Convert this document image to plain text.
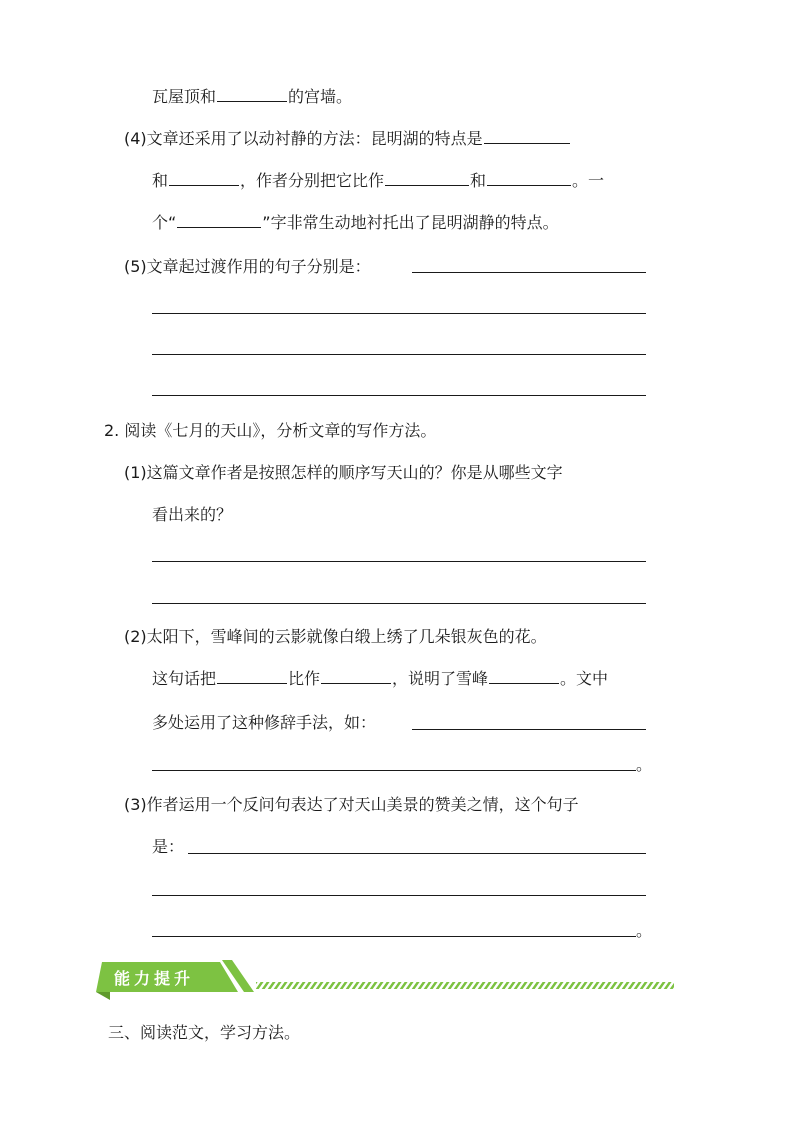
瓦屋顶和	的宫墙。
(4)文章还采用了以动衬静的方法：昆明湖的特点是
和	，作者分别把它比作	和	。一
个“	”字非常生动地衬托出了昆明湖静的特点。
(5)文章起过渡作用的句子分别是：
2. 阅读《七月的天山》，分析文章的写作方法。
(1)这篇文章作者是按照怎样的顺序写天山的？你是从哪些文字
看出来的？
(2)太阳下，雪峰间的云影就像白缎上绣了几朵银灰色的花。
这句话把	比作	，说明了雪峰	。文中
多处运用了这种修辞手法，如：
。
(3)作者运用一个反问句表达了对天山美景的赞美之情，这个句子
是：
。
能力提升
三、阅读范文，学习方法。
